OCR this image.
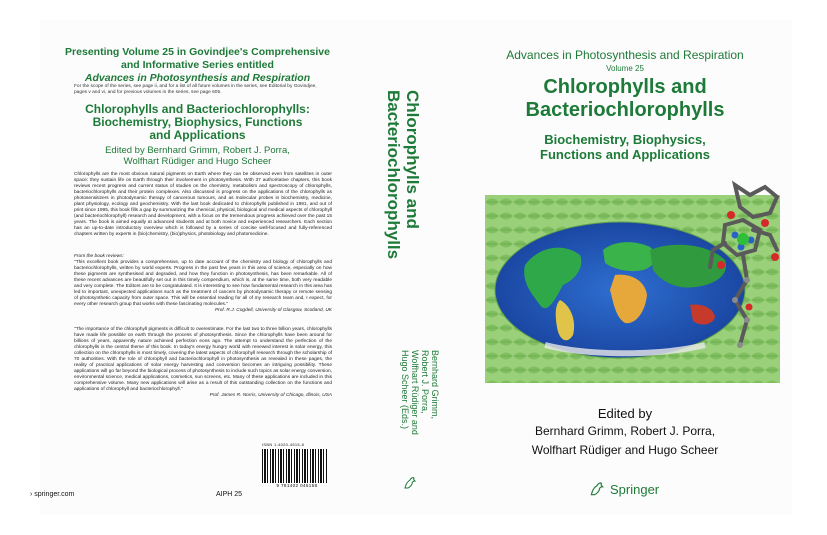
Presenting Volume 25 in Govindjee's Comprehensive
and Informative Series entitled
Advances in Photosynthesis and Respiration
For the scope of the series, see page ii, and for a list of all future volumes in the series, see Editorial by Govindjee, pages v and vi, and for previous volumes in the series, see page 605.
Chlorophylls and Bacteriochlorophylls:
Biochemistry, Biophysics, Functions
and Applications
Edited by Bernhard Grimm, Robert J. Porra,
Wolfhart Rüdiger and Hugo Scheer
Chlorophylls are the most obvious natural pigments on Earth where they can be observed even from satellites in outer space: they sustain life on Earth through their involvement in photosynthesis. With 37 authoritative chapters, this book reviews recent progress and current status of studies on the chemistry, metabolism and spectroscopy of chlorophylls, bacteriochlorophylls and their protein complexes. Also discussed is progress on the applications of the chlorophylls as photosensitizers in photodynamic therapy of cancerous tumours, and as molecular probes in biochemistry, medicine, plant physiology, ecology and geochemistry. With the last book dedicated to chlorophylls published in 1991, and out of print since 1995, this book fills a gap by summarizing the chemical, physical, biological and medical aspects of chlorophyll (and bacteriochlorophyll) research and development, with a focus on the tremendous progress achieved over the past 15 years. The book is aimed equally at advanced students and at both novice and experienced researchers. Each section has an up-to-date introductory overview which is followed by a series of concise well-focused and fully-referenced chapters written by experts in (bio)chemistry, (bio)physics, photobiology and photomedicine.
From the book reviews:
"This excellent book provides a comprehensive, up to date account of the chemistry and biology of chlorophylls and bacteriochlorophylls, written by world experts. Progress in the past few years in this area of science, especially on how these pigments are synthesised and degraded, and how they function in photosynthesis, has been remarkable. All of these recent advances are beautifully set out in this timely compendium, which is, at the same time, both very readable and very complete. The Editors are to be congratulated. It is interesting to see how fundamental research in this area has led to important, unexpected applications such as the treatment of cancers by photodynamic therapy or remote sensing of photosynthetic capacity from outer space. This will be essential reading for all of my research team and, I expect, for every other research group that works with these fascinating molecules."
Prof. R.J. Cogdell, University of Glasgow, Scotland, UK
"The importance of the chlorophyll pigments is difficult to overestimate. For the last two to three billion years, chlorophylls have made life possible on earth through the process of photosynthesis. Since the chlorophylls have been around for billions of years, apparently nature achieved perfection eons ago. The attempt to understand the perfection of the chlorophylls is the central theme of this book. In today's energy hungry world with renewed interest in solar energy, this collection on the chlorophylls is most timely, covering the latest aspects of chlorophyll research through the scholarship of 70 authorities. With the role of chlorophyll and bacteriochlorophyll in photosynthesis as revealed in these pages, the reality of practical applications of solar energy harvesting and conversion becomes an intriguing possibility. These applications will go far beyond the biological process of photosynthesis to include such topics as solar energy conversion, environmental science, medical applications, cosmetics, sun screens, etc. Many of these applications are included in this comprehensive volume. Many new applications will arise as a result of this outstanding collection on the functions and applications of chlorophyll and bacteriochlorophyll."
Prof. James R. Norris, University of Chicago, Illinois, USA
ISBN 1-4020-4515-8
9 781402 045158
› springer.com	AIPH 25
Chlorophylls and
Bacteriochlorophylls
Bernhard Grimm,
Robert J. Porra,
Wolfhart Rüdiger and
Hugo Scheer (Eds.)
Advances in Photosynthesis and Respiration
Volume 25
Chlorophylls and
Bacteriochlorophylls
Biochemistry, Biophysics,
Functions and Applications
Edited by
Bernhard Grimm, Robert J. Porra,
Wolfhart Rüdiger and Hugo Scheer
Springer
